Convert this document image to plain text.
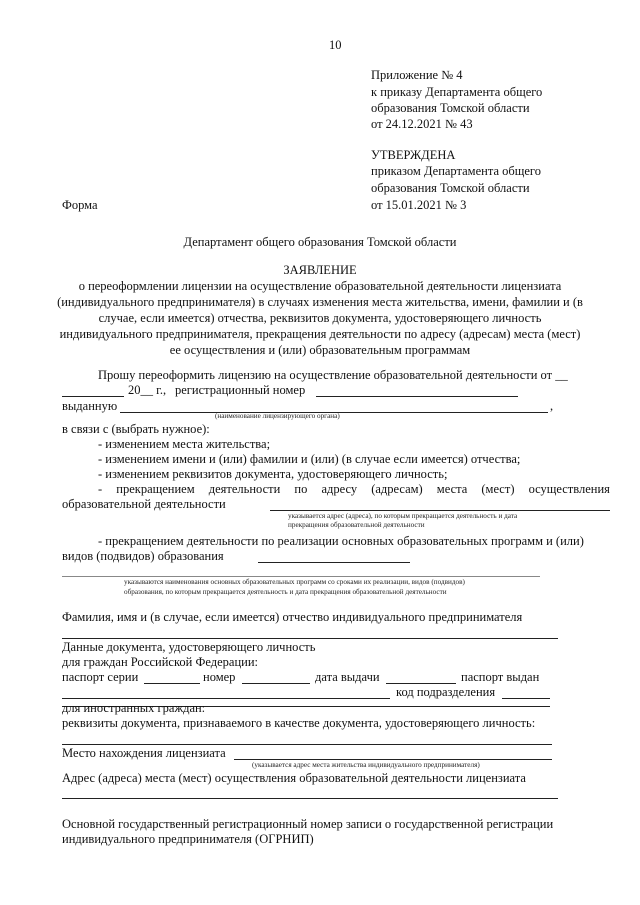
10
Приложение № 4
к приказу Департамента общего
образования Томской области
от 24.12.2021 № 43
УТВЕРЖДЕНА
приказом Департамента общего
образования Томской области
от 15.01.2021 № 3
Форма
Департамент общего образования Томской области
ЗАЯВЛЕНИЕ
о переоформлении лицензии на осуществление образовательной деятельности лицензиата
(индивидуального предпринимателя) в случаях изменения места жительства, имени, фамилии и (в
случае, если имеется) отчества, реквизитов документа, удостоверяющего личность
индивидуального предпринимателя, прекращения деятельности по адресу (адресам) места (мест)
ее осуществления и (или) образовательным программам
Прошу переоформить лицензию на осуществление образовательной деятельности от __
20__ г., регистрационный номер
выданную	,
(наименование лицензирующего органа)
в связи с (выбрать нужное):
- изменением места жительства;
- изменением имени и (или) фамилии и (или) (в случае если имеется) отчества;
- изменением реквизитов документа, удостоверяющего личность;
- прекращением деятельности по адресу (адресам) места (мест) осуществления
образовательной деятельности
указывается адрес (адреса), по которым прекращается деятельность и дата
прекращения образовательной деятельности
- прекращением деятельности по реализации основных образовательных программ и (или)
видов (подвидов) образования
указываются наименования основных образовательных программ со сроками их реализации, видов (подвидов)
образования, по которым прекращается деятельность и дата прекращения образовательной деятельности
Фамилия, имя и (в случае, если имеется) отчество индивидуального предпринимателя
Данные документа, удостоверяющего личность
для граждан Российской Федерации:
паспорт серии	номер	дата выдачи	паспорт выдан
код подразделения
для иностранных граждан:
реквизиты документа, признаваемого в качестве документа, удостоверяющего личность:
Место нахождения лицензиата
(указывается адрес места жительства индивидуального предпринимателя)
Адрес (адреса) места (мест) осуществления образовательной деятельности лицензиата
Основной государственный регистрационный номер записи о государственной регистрации
индивидуального предпринимателя (ОГРНИП)
